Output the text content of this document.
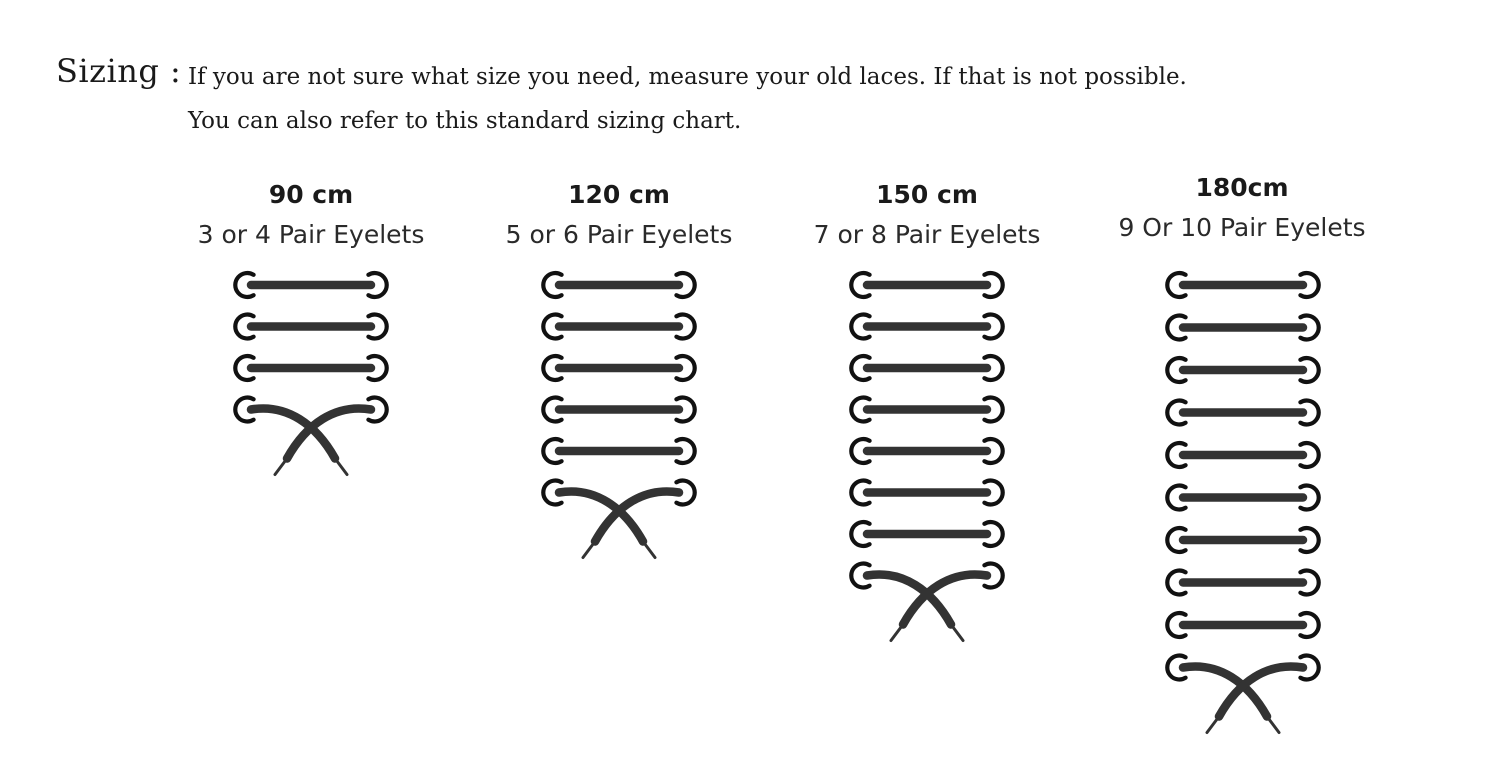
Sizing : If you are not sure what size you need, measure your old laces. If that is not possible.
You can also refer to this standard sizing chart.
90 cm
3 or 4 Pair Eyelets
120 cm
5 or 6 Pair Eyelets
150 cm
7 or 8 Pair Eyelets
180cm
9 Or 10 Pair Eyelets
